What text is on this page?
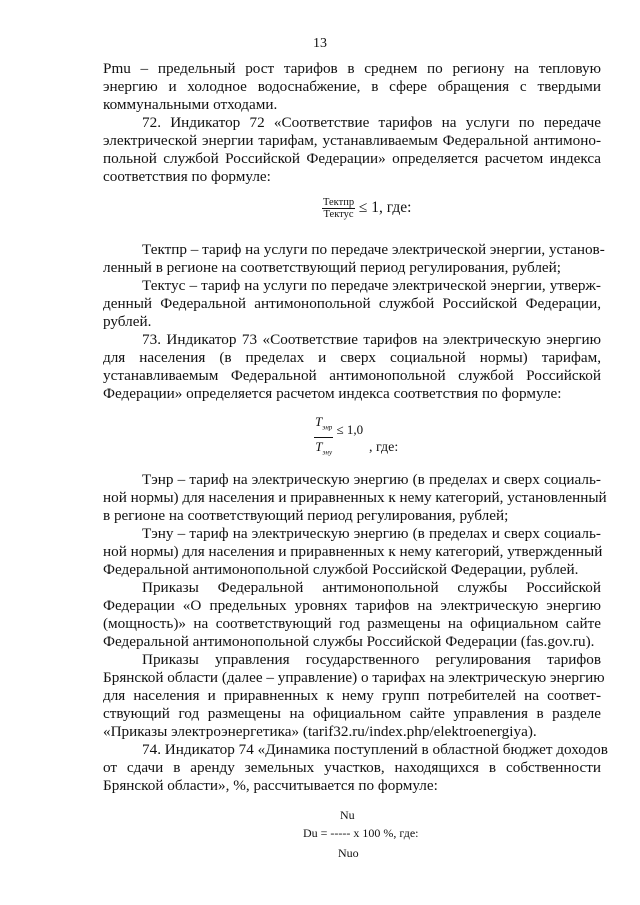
13
Pmu – предельный рост тарифов в среднем по региону на тепловую
энергию и холодное водоснабжение, в сфере обращения с твердыми
коммунальными отходами.
72. Индикатор 72 «Соответствие тарифов на услуги по передаче
электрической энергии тарифам, устанавливаемым Федеральной антимоно-
польной службой Российской Федерации» определяется расчетом индекса
соответствия по формуле:
$\frac{\text{Тектпр}}{\text{Тектус}} \le 1$, где:
Тектпр – тариф на услуги по передаче электрической энергии, установ-
ленный в регионе на соответствующий период регулирования, рублей;
Тектус – тариф на услуги по передаче электрической энергии, утверж-
денный Федеральной антимонопольной службой Российской Федерации,
рублей.
73. Индикатор 73 «Соответствие тарифов на электрическую энергию
для населения (в пределах и сверх социальной нормы) тарифам,
устанавливаемым Федеральной антимонопольной службой Российской
Федерации» определяется расчетом индекса соответствия по формуле:
$\frac{T_{энр}}{T_{эну}} \le 1,0$
, где:
Тэнр – тариф на электрическую энергию (в пределах и сверх социаль-
ной нормы) для населения и приравненных к нему категорий, установленный
в регионе на соответствующий период регулирования, рублей;
Тэну – тариф на электрическую энергию (в пределах и сверх социаль-
ной нормы) для населения и приравненных к нему категорий, утвержденный
Федеральной антимонопольной службой Российской Федерации, рублей.
Приказы Федеральной антимонопольной службы Российской
Федерации «О предельных уровнях тарифов на электрическую энергию
(мощность)» на соответствующий год размещены на официальном сайте
Федеральной антимонопольной службы Российской Федерации (fas.gov.ru).
Приказы управления государственного регулирования тарифов
Брянской области (далее – управление) о тарифах на электрическую энергию
для населения и приравненных к нему групп потребителей на соответ-
ствующий год размещены на официальном сайте управления в разделе
«Приказы электроэнергетика» (tarif32.ru/index.php/elektroenergiya).
74. Индикатор 74 «Динамика поступлений в областной бюджет доходов
от сдачи в аренду земельных участков, находящихся в собственности
Брянской области», %, рассчитывается по формуле:
Nu
Du = ----- x 100 %, где:
Nuo
